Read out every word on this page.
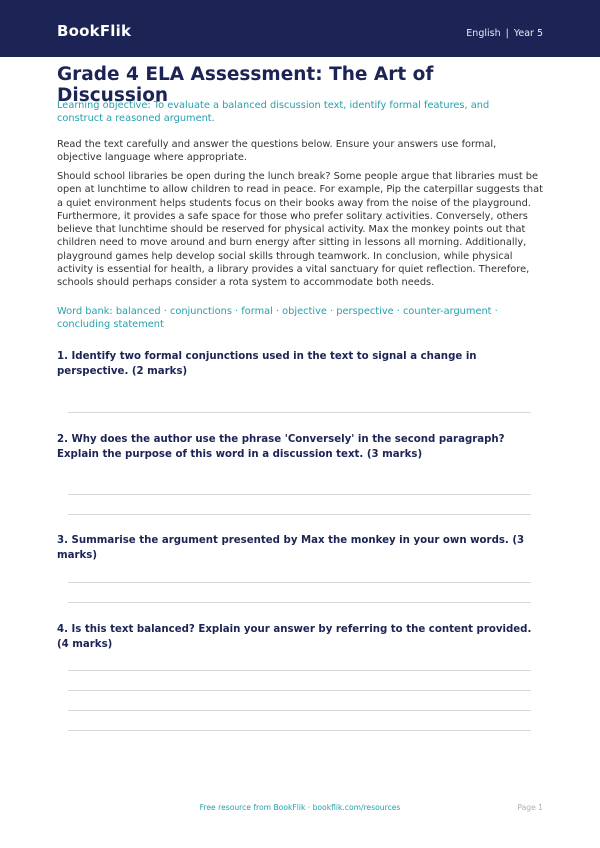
BookFlik	English | Year 5
Grade 4 ELA Assessment: The Art of Discussion
Learning objective: To evaluate a balanced discussion text, identify formal features, and construct a reasoned argument.
Read the text carefully and answer the questions below. Ensure your answers use formal, objective language where appropriate.
Should school libraries be open during the lunch break? Some people argue that libraries must be open at lunchtime to allow children to read in peace. For example, Pip the caterpillar suggests that a quiet environment helps students focus on their books away from the noise of the playground. Furthermore, it provides a safe space for those who prefer solitary activities. Conversely, others believe that lunchtime should be reserved for physical activity. Max the monkey points out that children need to move around and burn energy after sitting in lessons all morning. Additionally, playground games help develop social skills through teamwork. In conclusion, while physical activity is essential for health, a library provides a vital sanctuary for quiet reflection. Therefore, schools should perhaps consider a rota system to accommodate both needs.
Word bank: balanced · conjunctions · formal · objective · perspective · counter-argument · concluding statement
1. Identify two formal conjunctions used in the text to signal a change in perspective. (2 marks)
2. Why does the author use the phrase 'Conversely' in the second paragraph? Explain the purpose of this word in a discussion text. (3 marks)
3. Summarise the argument presented by Max the monkey in your own words. (3 marks)
4. Is this text balanced? Explain your answer by referring to the content provided. (4 marks)
Free resource from BookFlik · bookflik.com/resources	Page 1
